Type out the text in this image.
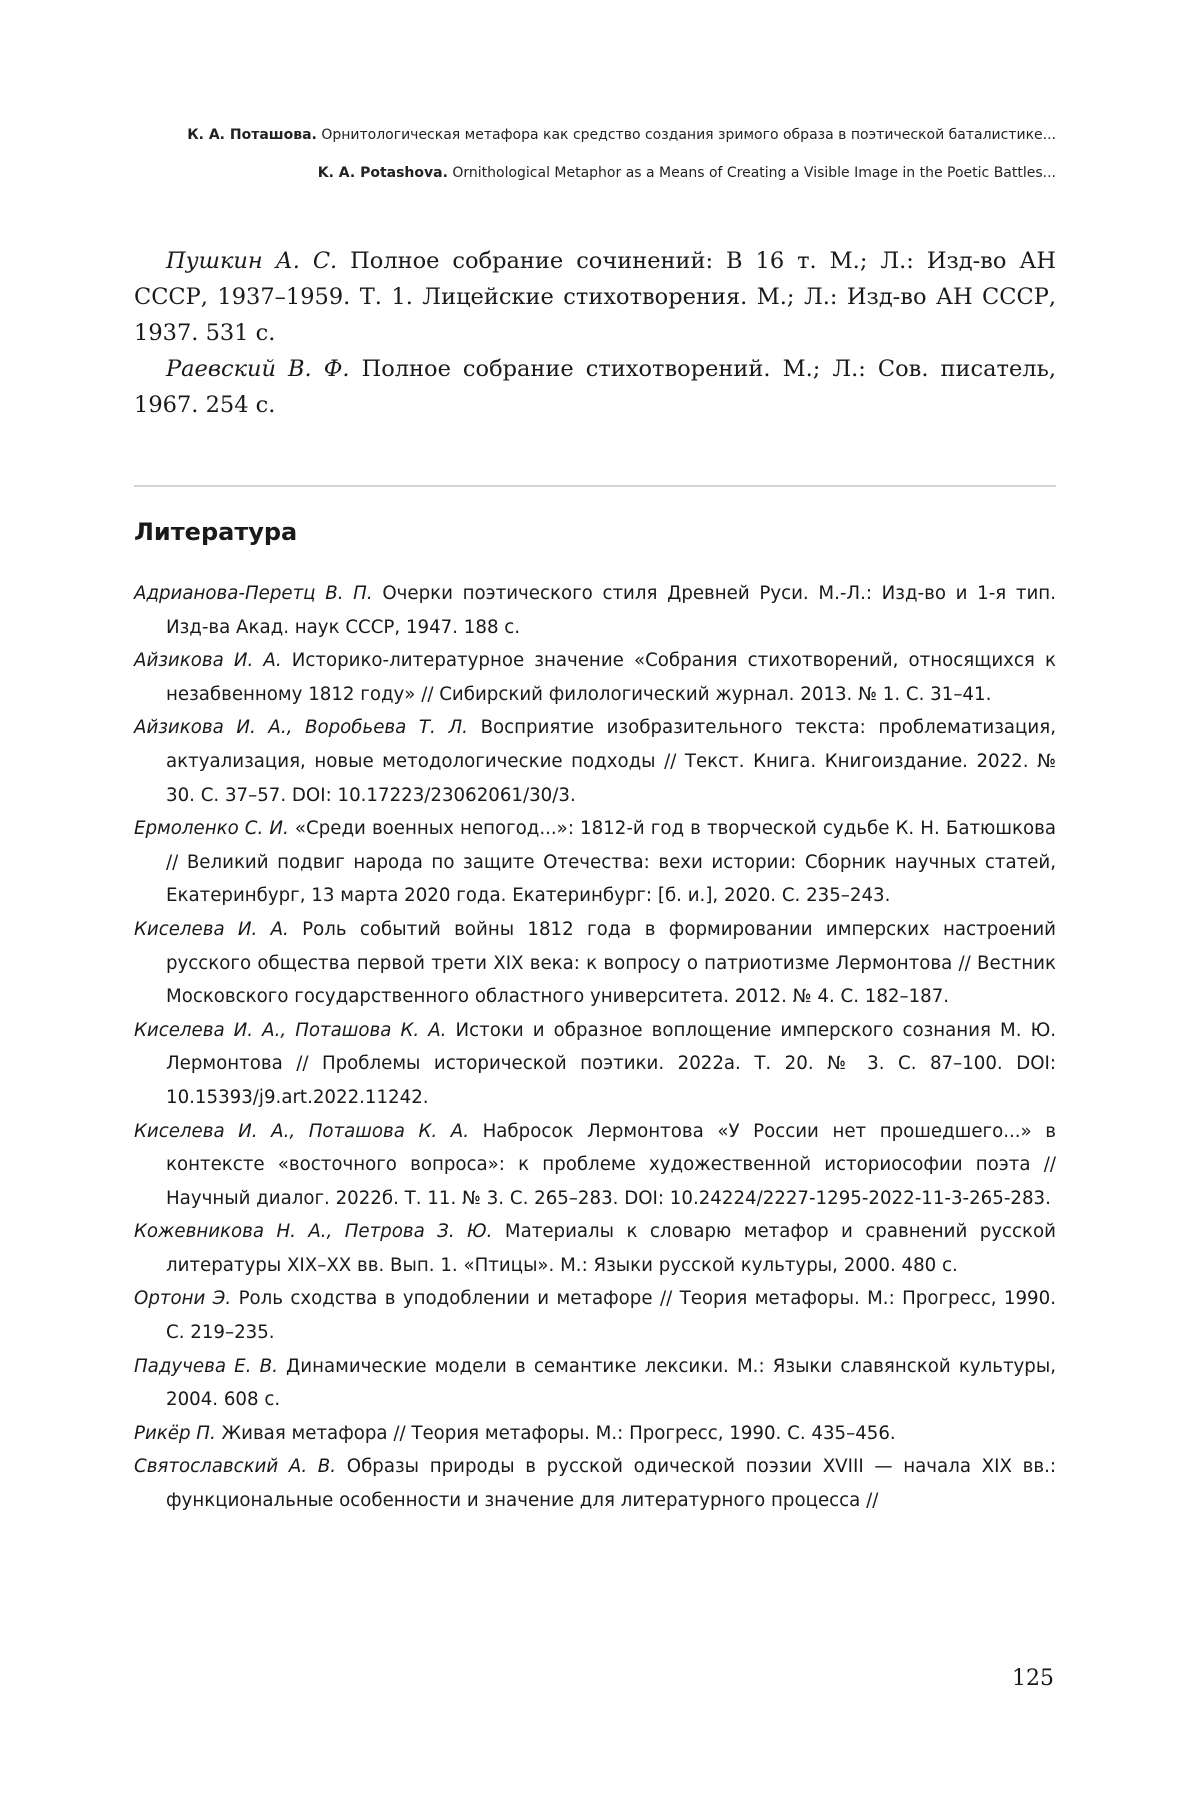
К. А. Поташова. Орнитологическая метафора как средство создания зримого образа в поэтической баталистике...
K. A. Potashova. Ornithological Metaphor as a Means of Creating a Visible Image in the Poetic Battles...

Пушкин А. С. Полное собрание сочинений: В 16 т. М.; Л.: Изд-во АН СССР, 1937–1959. Т. 1. Лицейские стихотворения. М.; Л.: Изд-во АН СССР, 1937. 531 с.

Раевский В. Ф. Полное собрание стихотворений. М.; Л.: Сов. писатель, 1967. 254 с.

Литература

Адрианова-Перетц В. П. Очерки поэтического стиля Древней Руси. М.-Л.: Изд-во и 1-я тип. Изд-ва Акад. наук СССР, 1947. 188 с.

Айзикова И. А. Историко-литературное значение «Собрания стихотворений, относящихся к незабвенному 1812 году» // Сибирский филологический журнал. 2013. № 1. С. 31–41.

Айзикова И. А., Воробьева Т. Л. Восприятие изобразительного текста: проблематизация, актуализация, новые методологические подходы // Текст. Книга. Книгоиздание. 2022. № 30. С. 37–57. DOI: 10.17223/23062061/30/3.

Ермоленко С. И. «Среди военных непогод...»: 1812-й год в творческой судьбе К. Н. Батюшкова // Великий подвиг народа по защите Отечества: вехи истории: Сборник научных статей, Екатеринбург, 13 марта 2020 года. Екатеринбург: [б. и.], 2020. С. 235–243.

Киселева И. А. Роль событий войны 1812 года в формировании имперских настроений русского общества первой трети XIX века: к вопросу о патриотизме Лермонтова // Вестник Московского государственного областного университета. 2012. № 4. С. 182–187.

Киселева И. А., Поташова К. А. Истоки и образное воплощение имперского сознания М. Ю. Лермонтова // Проблемы исторической поэтики. 2022а. Т. 20. № 3. С. 87–100. DOI: 10.15393/j9.art.2022.11242.

Киселева И. А., Поташова К. А. Набросок Лермонтова «У России нет прошедшего...» в контексте «восточного вопроса»: к проблеме художественной историософии поэта // Научный диалог. 2022б. Т. 11. № 3. С. 265–283. DOI: 10.24224/2227-1295-2022-11-3-265-283.

Кожевникова Н. А., Петрова З. Ю. Материалы к словарю метафор и сравнений русской литературы XIX–XX вв. Вып. 1. «Птицы». М.: Языки русской культуры, 2000. 480 с.

Ортони Э. Роль сходства в уподоблении и метафоре // Теория метафоры. М.: Прогресс, 1990. С. 219–235.

Падучева Е. В. Динамические модели в семантике лексики. М.: Языки славянской культуры, 2004. 608 с.

Рикёр П. Живая метафора // Теория метафоры. М.: Прогресс, 1990. С. 435–456.

Святославский А. В. Образы природы в русской одической поэзии XVIII — начала XIX вв.: функциональные особенности и значение для литературного процесса //

125
